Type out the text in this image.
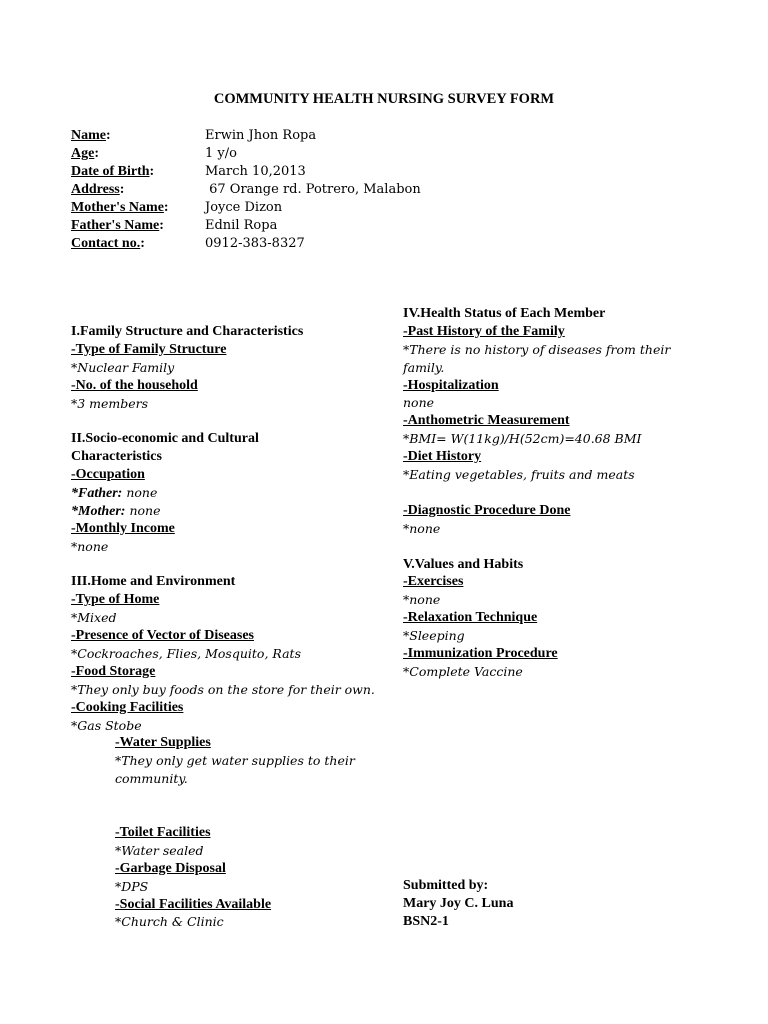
COMMUNITY HEALTH NURSING SURVEY FORM
Name:	Erwin Jhon Ropa
Age:	1 y/o
Date of Birth:	March 10,2013
Address:	67 Orange rd. Potrero, Malabon
Mother's Name:	Joyce Dizon
Father's Name:	Ednil Ropa
Contact no.:	0912-383-8327
I.Family Structure and Characteristics
-Type of Family Structure
*Nuclear Family
-No. of the household
*3 members
II.Socio-economic and Cultural
Characteristics
-Occupation
*Father: none
*Mother: none
-Monthly Income
*none
III.Home and Environment
-Type of Home
*Mixed
-Presence of Vector of Diseases
*Cockroaches, Flies, Mosquito, Rats
-Food Storage
*They only buy foods on the store for their own.
-Cooking Facilities
*Gas Stobe
-Water Supplies
*They only get water supplies to their community.
-Toilet Facilities
*Water sealed
-Garbage Disposal
*DPS
-Social Facilities Available
*Church & Clinic
IV.Health Status of Each Member
-Past History of the Family
*There is no history of diseases from their family.
-Hospitalization
none
-Anthometric Measurement
*BMI= W(11kg)/H(52cm)=40.68 BMI
-Diet History
*Eating vegetables, fruits and meats
-Diagnostic Procedure Done
*none
V.Values and Habits
-Exercises
*none
-Relaxation Technique
*Sleeping
-Immunization Procedure
*Complete Vaccine
Submitted by:
Mary Joy C. Luna
BSN2-1
